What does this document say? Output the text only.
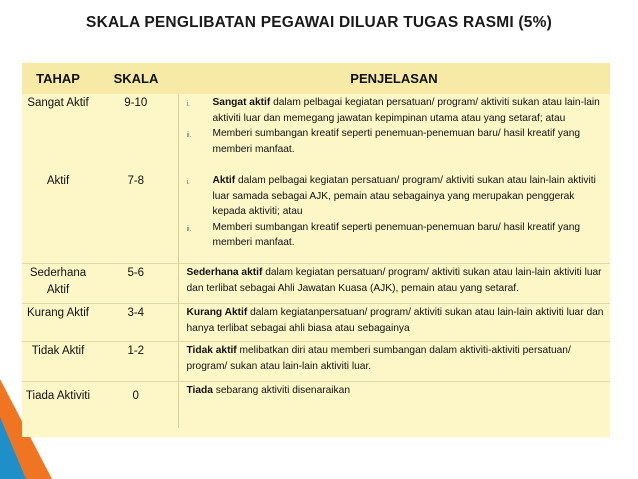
SKALA PENGLIBATAN PEGAWAI DILUAR TUGAS RASMI (5%)
TAHAP	SKALA	PENJELASAN
Sangat Aktif	9-10	i. Sangat aktif dalam pelbagai kegiatan persatuan/ program/ aktiviti sukan atau lain-lain aktiviti luar dan memegang jawatan kepimpinan utama atau yang setaraf; atau
ii. Memberi sumbangan kreatif seperti penemuan-penemuan baru/ hasil kreatif yang memberi manfaat.

Aktif	7-8	i. Aktif dalam pelbagai kegiatan persatuan/ program/ aktiviti sukan atau lain-lain aktiviti luar samada sebagai AJK, pemain atau sebagainya yang merupakan penggerak kepada aktiviti; atau
ii. Memberi sumbangan kreatif seperti penemuan-penemuan baru/ hasil kreatif yang memberi manfaat.

Sederhana Aktif	5-6	Sederhana aktif dalam kegiatan persatuan/ program/ aktiviti sukan atau lain-lain aktiviti luar dan terlibat sebagai Ahli Jawatan Kuasa (AJK), pemain atau yang setaraf.
Kurang Aktif	3-4	Kurang Aktif dalam kegiatanpersatuan/ program/ aktiviti sukan atau lain-lain aktiviti luar dan hanya terlibat sebagai ahli biasa atau sebagainya
Tidak Aktif	1-2	Tidak aktif melibatkan diri atau memberi sumbangan dalam aktiviti-aktiviti persatuan/ program/ sukan atau lain-lain aktiviti luar.
Tiada Aktiviti	0	Tiada sebarang aktiviti disenaraikan
